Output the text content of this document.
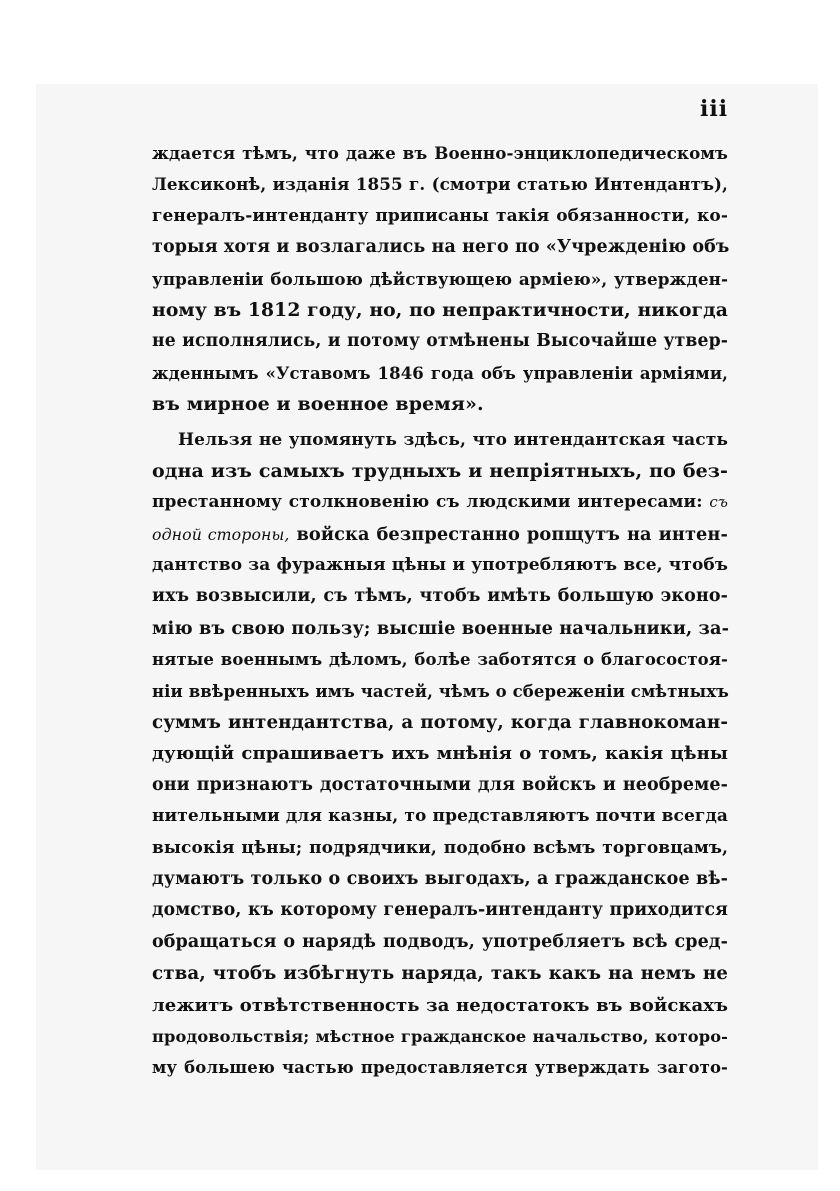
iii
ждается тѣмъ, что даже въ Военно-энциклопедическомъ
Лексиконѣ, изданія 1855 г. (смотри статью Интендантъ),
генералъ-интенданту приписаны такія обязанности, ко-
торыя хотя и возлагались на него по «Учрежденію объ
управленіи большою дѣйствующею арміею», утвержден-
ному въ 1812 году, но, по непрактичности, никогда
не исполнялись, и потому отмѣнены Высочайше утвер-
жденнымъ «Уставомъ 1846 года объ управленіи арміями,
въ мирное и военное время».
Нельзя не упомянуть здѣсь, что интендантская часть
одна изъ самыхъ трудныхъ и непріятныхъ, по без-
престанному столкновенію съ людскими интересами: съ
одной стороны, войска безпрестанно ропщутъ на интен-
дантство за фуражныя цѣны и употребляютъ все, чтобъ
ихъ возвысили, съ тѣмъ, чтобъ имѣть большую эконо-
мію въ свою пользу; высшіе военные начальники, за-
нятые военнымъ дѣломъ, болѣе заботятся о благосостоя-
ніи ввѣренныхъ имъ частей, чѣмъ о сбереженіи смѣтныхъ
суммъ интендантства, а потому, когда главнокоман-
дующій спрашиваетъ ихъ мнѣнія о томъ, какія цѣны
они признаютъ достаточными для войскъ и необреме-
нительными для казны, то представляютъ почти всегда
высокія цѣны; подрядчики, подобно всѣмъ торговцамъ,
думаютъ только о своихъ выгодахъ, а гражданское вѣ-
домство, къ которому генералъ-интенданту приходится
обращаться о нарядѣ подводъ, употребляетъ всѣ сред-
ства, чтобъ избѣгнуть наряда, такъ какъ на немъ не
лежитъ отвѣтственность за недостатокъ въ войскахъ
продовольствія; мѣстное гражданское начальство, которо-
му большею частью предоставляется утверждать загото-
